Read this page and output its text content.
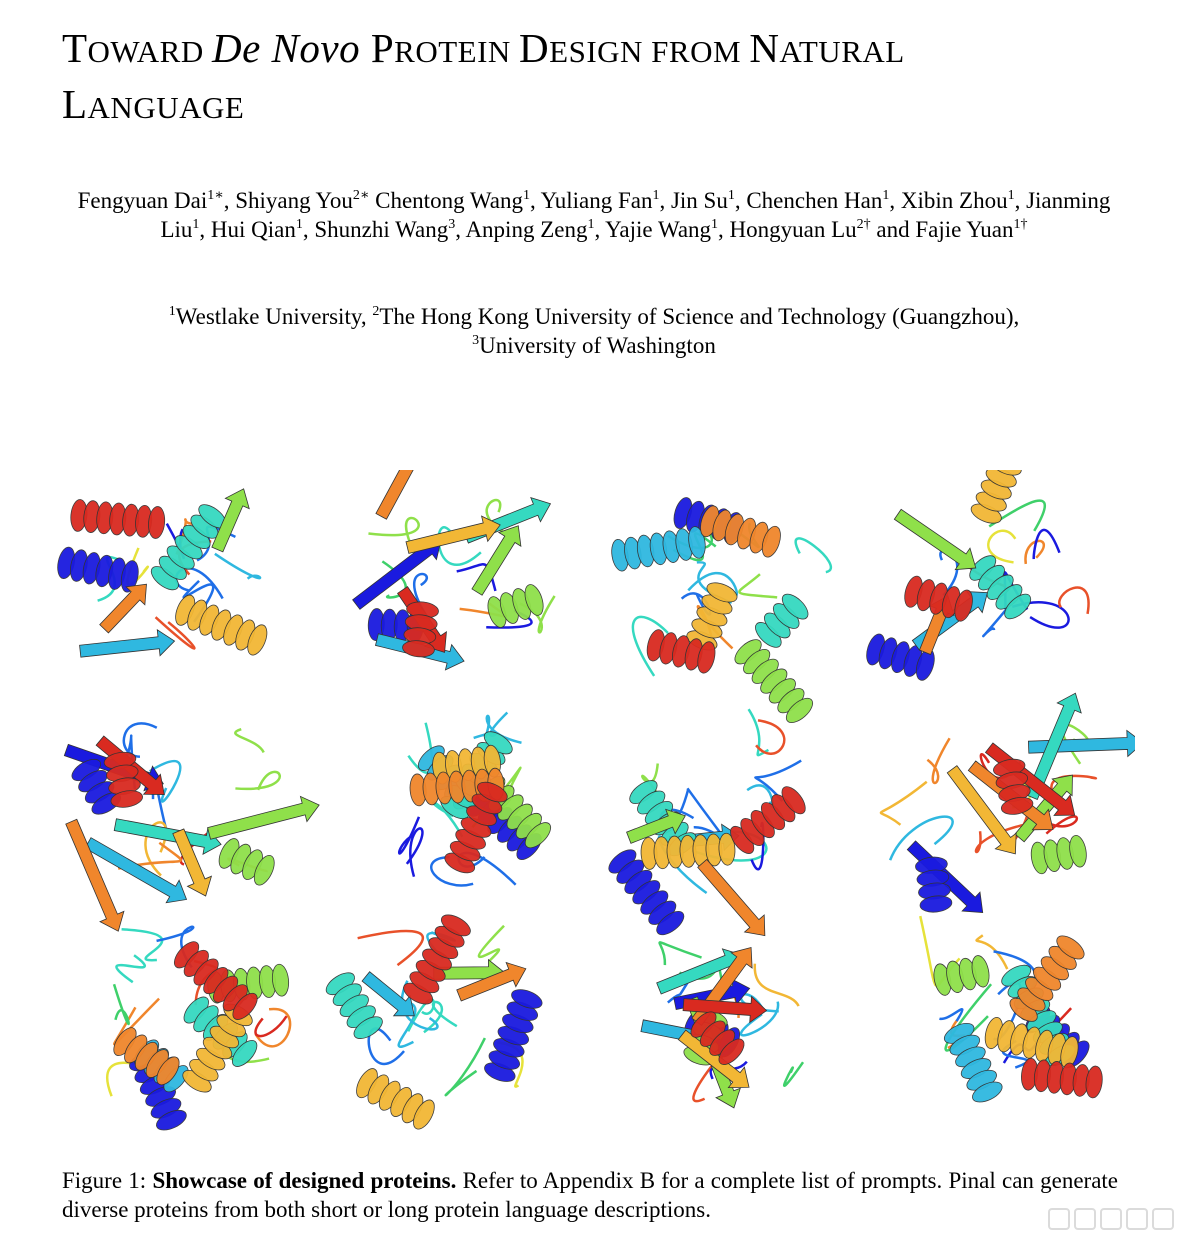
TOWARD De Novo PROTEIN DESIGN FROM NATURAL
LANGUAGE
Fengyuan Dai$^{1∗}$, Shiyang You$^{2∗}$ Chentong Wang$^1$, Yuliang Fan$^1$, Jin Su$^1$, Chenchen Han$^1$, Xibin Zhou$^1$, Jianming Liu$^1$, Hui Qian$^1$, Shunzhi Wang$^3$, Anping Zeng$^1$, Yajie Wang$^1$, Hongyuan $Lu^{2\dagger}$ and Fajie Yuan$^{1\dagger}$
$^1$Westlake University, $^2$The Hong Kong University of Science and Technology (Guangzhou),
$^3$University of Washington
Figure 1: Showcase of designed proteins. Refer to Appendix B for a complete list of prompts. Pinal can generate diverse proteins from both short or long protein language descriptions.
